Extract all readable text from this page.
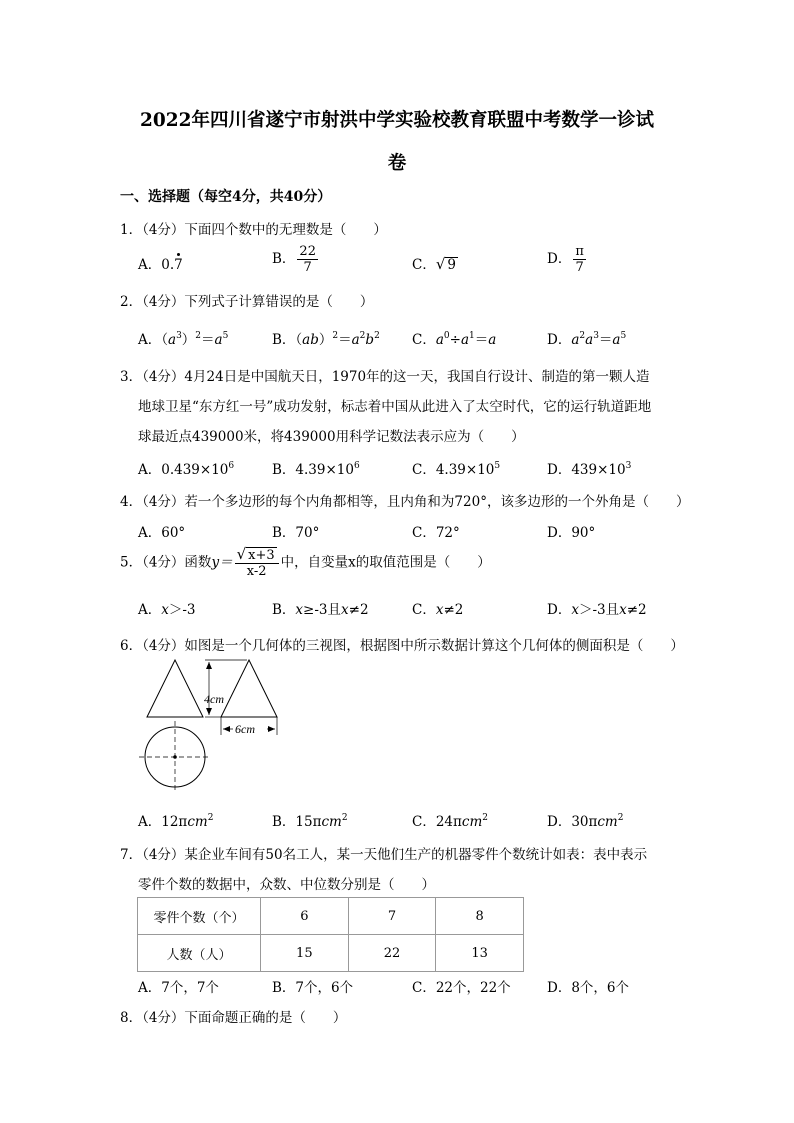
2022年四川省遂宁市射洪中学实验校教育联盟中考数学一诊试
卷
一、选择题（每空4分，共40分）
1．（4分）下面四个数中的无理数是（　　）
A．0.7	B． $\frac{22}{7}$	C．√ 9	D． $\frac{\pi}{7}$
2．（4分）下列式子计算错误的是（　　）
A．$(a^3)^2=a^5$	B．$(ab)^2=a^2b^2$ C．$a^0\div a^1=a$	D．$a^2a^3=a^5$
3．（4分）4月24日是中国航天日，1970年的这一天，我国自行设计、制造的第一颗人造
地球卫星“东方红一号”成功发射，标志着中国从此进入了太空时代，它的运行轨道距地
球最近点439000米，将439000用科学记数法表示应为（　　）
A．$0.439\times 10^6$	B．$4.39\times 10^6$	C．$4.39\times 10^5$	D．$439\times 10^3$
4．（4分）若一个多边形的每个内角都相等，且内角和为720°，该多边形的一个外角是（　　）
A．60°	B．70°	C．72°	D．90°
5．（4分）函数$y= \frac{√ x+3}{x-2}$ 中，自变量x的取值范围是（　　）
A．x＞-3	B．x≥-3且x≠2	C．x≠2	D．x＞-3且x≠2
6．（4分）如图是一个几何体的三视图，根据图中所示数据计算这个几何体的侧面积是（　　）
4cm
6cm
A．12πcm$^2$	B．15πcm$^2$	C．24πcm$^2$	D．30πcm$^2$
7．（4分）某企业车间有50名工人，某一天他们生产的机器零件个数统计如表：表中表示
零件个数的数据中，众数、中位数分别是（　　）
零件个数（个）	6	7	8
人数（人）	15	22	13
A．7个，7个	B．7个，6个	C．22个，22个	D．8个，6个
8．（4分）下面命题正确的是（　　）
